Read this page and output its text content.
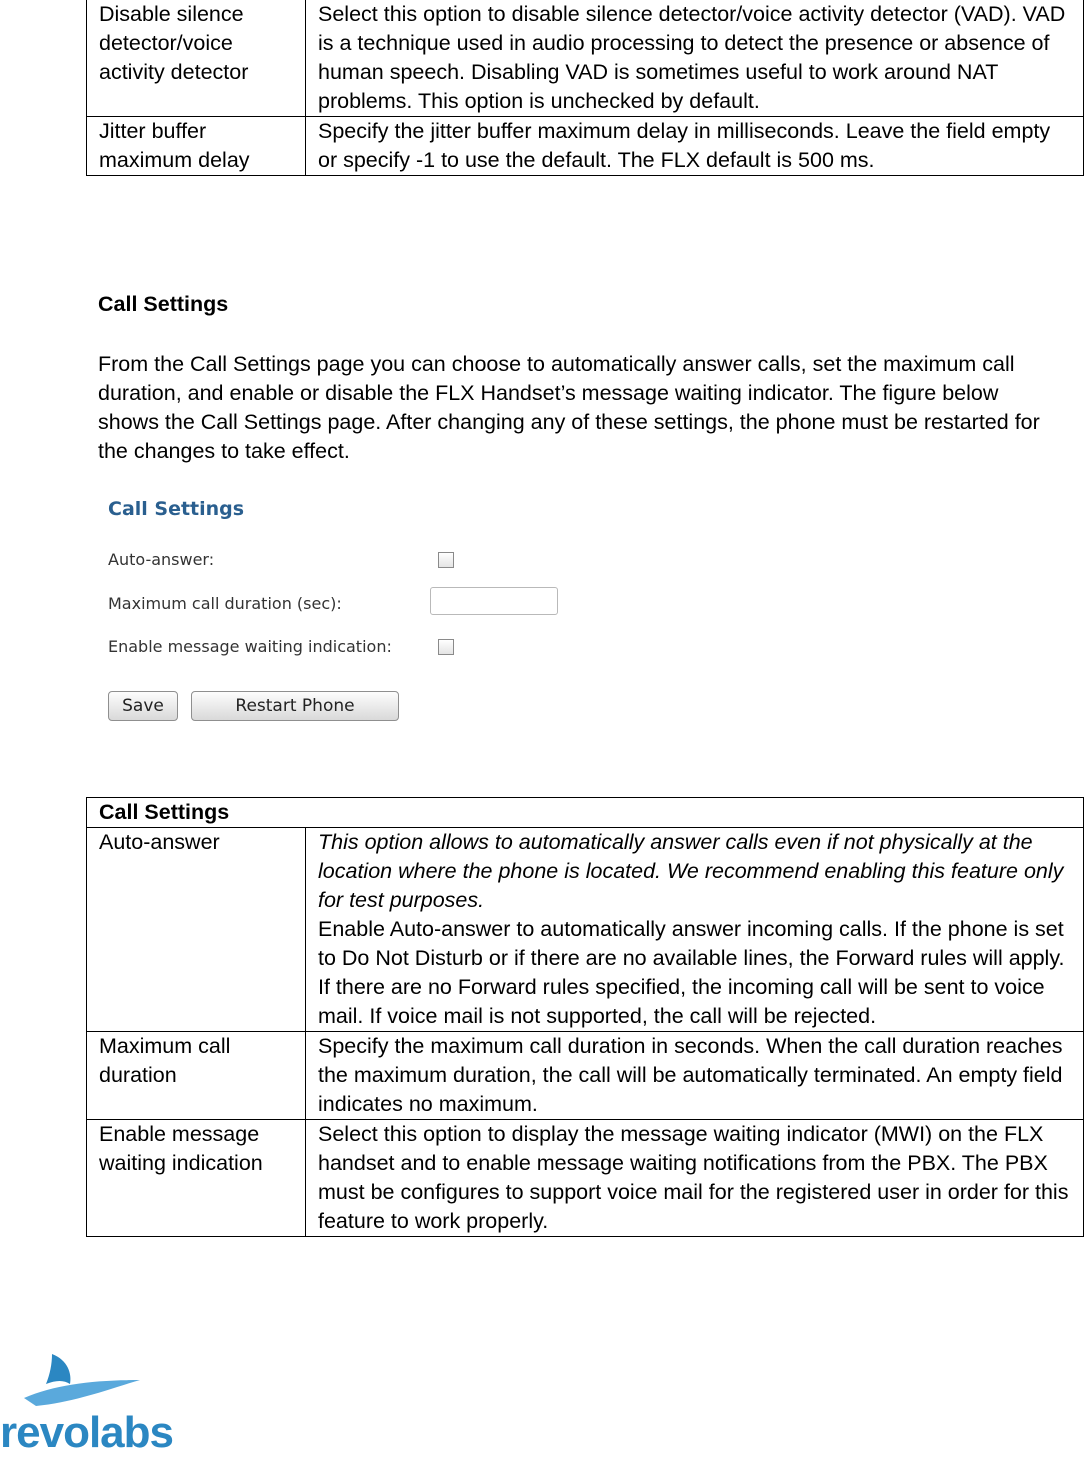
Disable silence detector/voice activity detector	Select this option to disable silence detector/voice activity detector (VAD). VAD is a technique used in audio processing to detect the presence or absence of human speech. Disabling VAD is sometimes useful to work around NAT problems. This option is unchecked by default.
Jitter buffer maximum delay	Specify the jitter buffer maximum delay in milliseconds. Leave the field empty or specify -1 to use the default. The FLX default is 500 ms.
Call Settings

From the Call Settings page you can choose to automatically answer calls, set the maximum call duration, and enable or disable the FLX Handset’s message waiting indicator. The figure below shows the Call Settings page. After changing any of these settings, the phone must be restarted for the changes to take effect.

Call Settings
Auto-answer:
Maximum call duration (sec):
Enable message waiting indication:
Save	Restart Phone
Call Settings	
Auto-answer	This option allows to automatically answer calls even if not physically at the location where the phone is located. We recommend enabling this feature only for test purposes.
Enable Auto-answer to automatically answer incoming calls. If the phone is set to Do Not Disturb or if there are no available lines, the Forward rules will apply. If there are no Forward rules specified, the incoming call will be sent to voice mail. If voice mail is not supported, the call will be rejected.

Maximum call duration	Specify the maximum call duration in seconds. When the call duration reaches the maximum duration, the call will be automatically terminated. An empty field indicates no maximum.
Enable message waiting indication	Select this option to display the message waiting indicator (MWI) on the FLX handset and to enable message waiting notifications from the PBX. The PBX must be configures to support voice mail for the registered user in order for this feature to work properly.
revolabs
